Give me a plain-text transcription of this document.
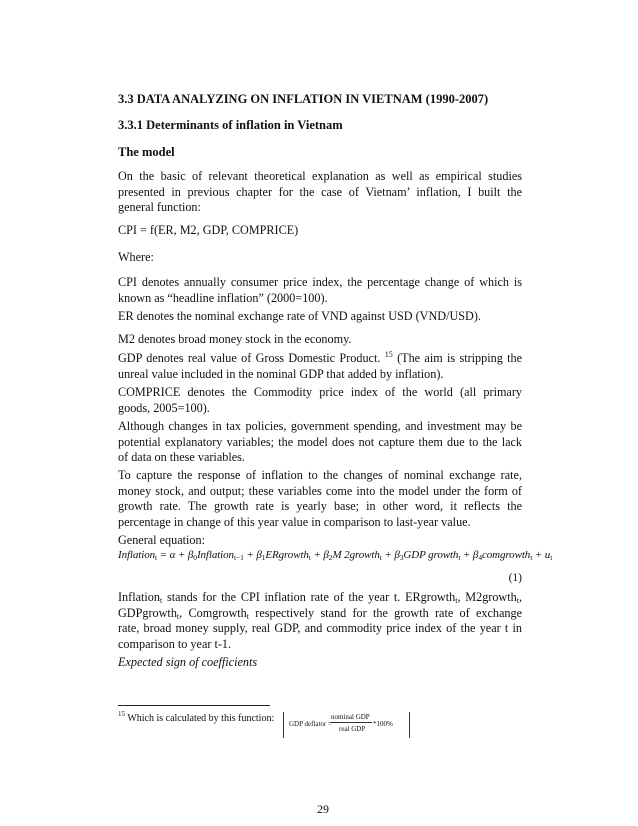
3.3 DATA ANALYZING ON INFLATION IN VIETNAM (1990-2007)
3.3.1 Determinants of inflation in Vietnam
The model
On the basic of relevant theoretical explanation as well as empirical studies
presented in previous chapter for the case of Vietnam’ inflation, I built the
general function:
CPI = f(ER, M2, GDP, COMPRICE)
Where:
CPI denotes annually consumer price index, the percentage change of which is
known as “headline inflation” (2000=100).
ER denotes the nominal exchange rate of VND against USD (VND/USD).
M2 denotes broad money stock in the economy.
GDP denotes real value of Gross Domestic Product. $^{15}$ (The aim is stripping the
unreal value included in the nominal GDP that added by inflation).
COMPRICE denotes the Commodity price index of the world (all primary
goods, 2005=100).
Although changes in tax policies, government spending, and investment may be
potential explanatory variables; the model does not capture them due to the lack
of data on these variables.
To capture the response of inflation to the changes of nominal exchange rate,
money stock, and output; these variables come into the model under the form of
growth rate. The growth rate is yearly base; in other word, it reflects the
percentage in change of this year value in comparison to last-year value.
General equation:
Inflation$_t$ = $\alpha + \beta_0Inflation_{t-1}$ + $\beta_1ERgrowth_t + \beta_2M$ 2growth$_t$ + $\beta_3GDP$ growth$_t$ + $\beta_4comgrowth_t + u_t$
(1)
Inflation$_t$ stands for the CPI inflation rate of the year t. ERgrowth$_t$, M2growth$_t$,
GDPgrowth$_t$, Comgrowth$_t$ respectively stand for the growth rate of exchange
rate, broad money supply, real GDP, and commodity price index of the year t in
comparison to year t-1.
Expected sign of coefficients
$^{15}$ Which is calculated by this function: GDP deflator =
nominal GDP
real GDP
*100%
29
